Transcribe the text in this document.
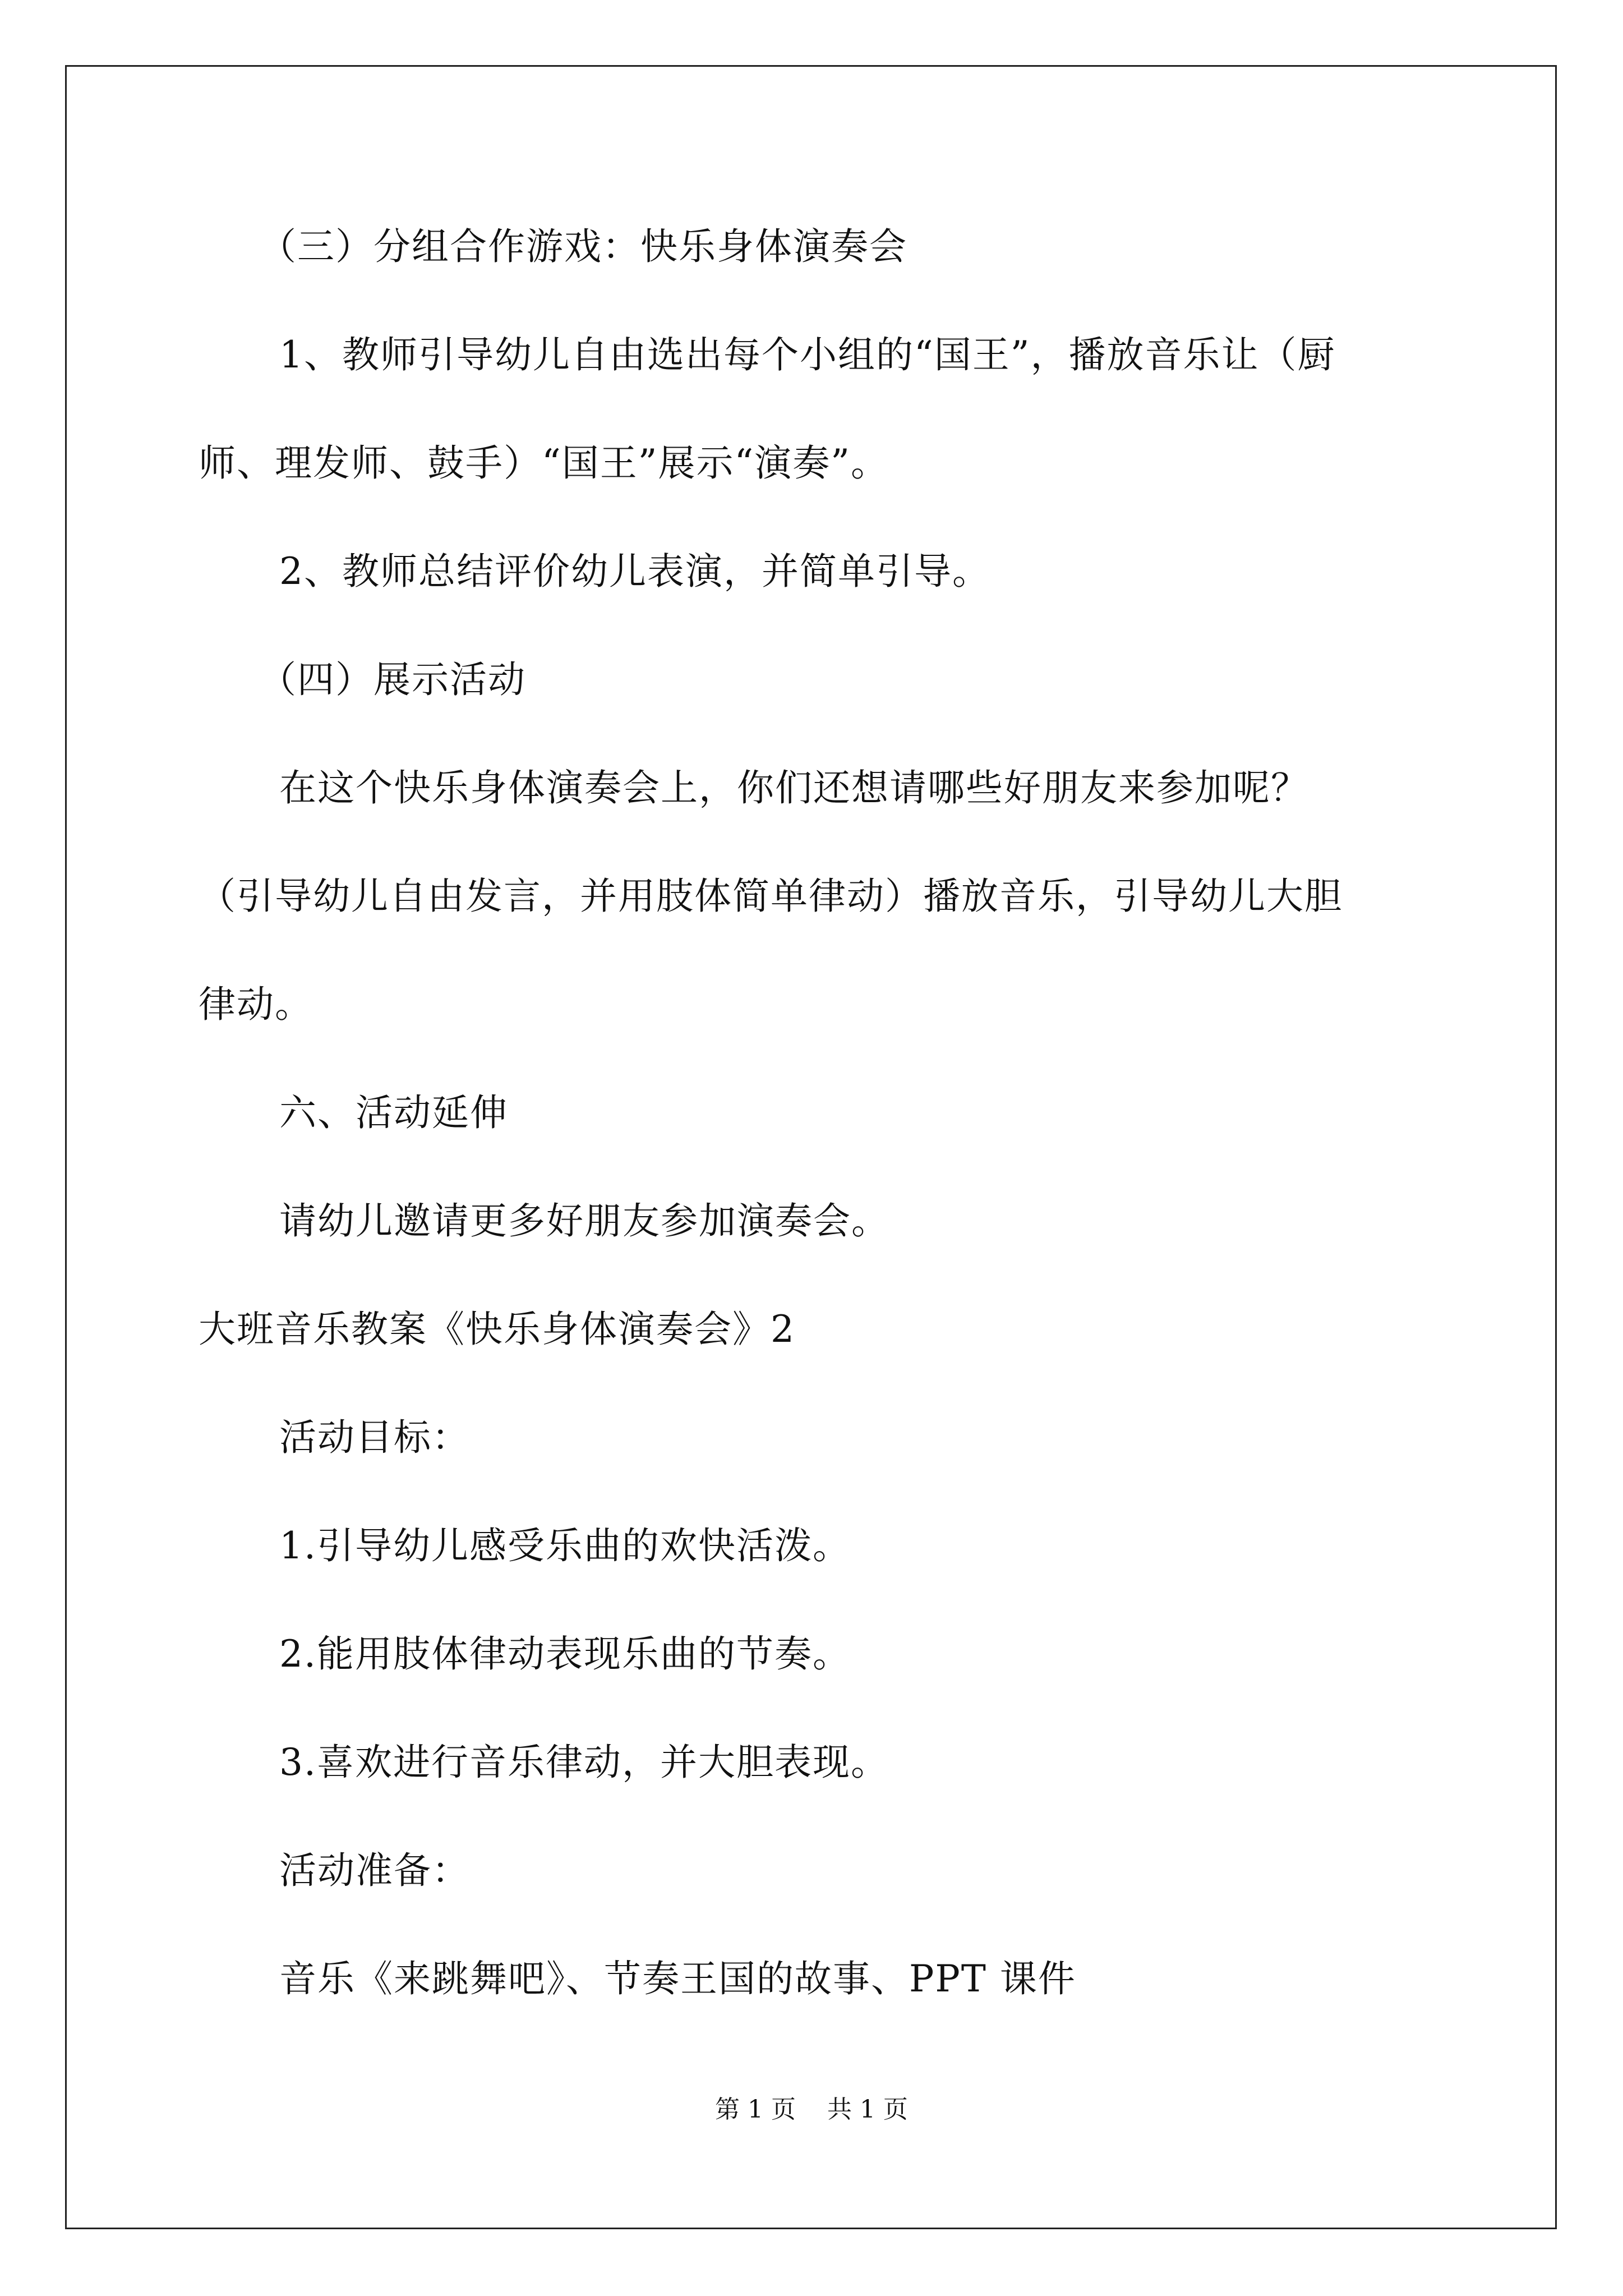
（三）分组合作游戏：快乐身体演奏会
1、教师引导幼儿自由选出每个小组的“国王”，播放音乐让（厨
师、理发师、鼓手）“国王”展示“演奏”。
2、教师总结评价幼儿表演，并简单引导。
（四）展示活动
在这个快乐身体演奏会上，你们还想请哪些好朋友来参加呢？
（引导幼儿自由发言，并用肢体简单律动）播放音乐，引导幼儿大胆
律动。
六、活动延伸
请幼儿邀请更多好朋友参加演奏会。
大班音乐教案《快乐身体演奏会》2
活动目标：
1.引导幼儿感受乐曲的欢快活泼。
2.能用肢体律动表现乐曲的节奏。
3.喜欢进行音乐律动，并大胆表现。
活动准备：
音乐《来跳舞吧》、节奏王国的故事、PPT 课件
第 1 页    共 1 页
